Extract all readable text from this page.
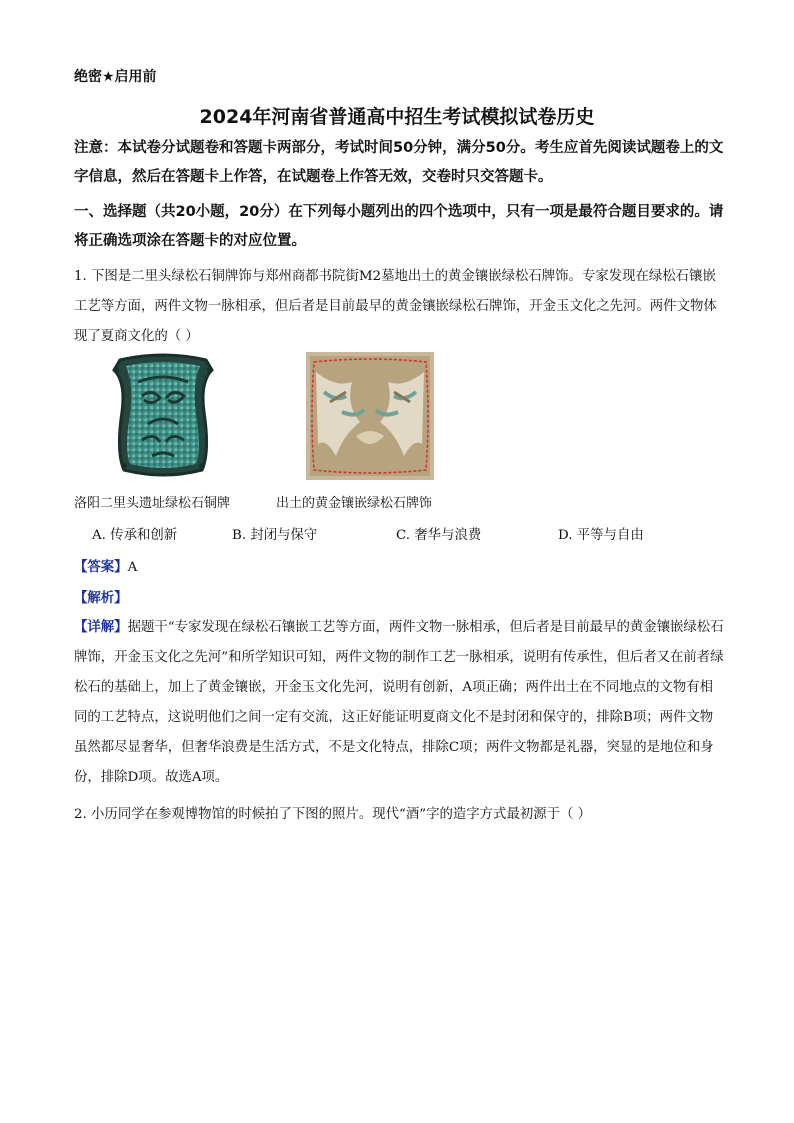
绝密★启用前
2024年河南省普通高中招生考试模拟试卷历史
注意：本试卷分试题卷和答题卡两部分，考试时间50分钟，满分50分。考生应首先阅读试题卷上的文字信息，然后在答题卡上作答，在试题卷上作答无效，交卷时只交答题卡。
一、选择题（共20小题，20分）在下列每小题列出的四个选项中，只有一项是最符合题目要求的。请将正确选项涂在答题卡的对应位置。
1. 下图是二里头绿松石铜牌饰与郑州商都书院街M2墓地出土的黄金镶嵌绿松石牌饰。专家发现在绿松石镶嵌工艺等方面，两件文物一脉相承，但后者是目前最早的黄金镶嵌绿松石牌饰，开金玉文化之先河。两件文物体现了夏商文化的（ ）
洛阳二里头遗址绿松石铜牌	出土的黄金镶嵌绿松石牌饰
A. 传承和创新	B. 封闭与保守	C. 奢华与浪费	D. 平等与自由
【答案】A
【解析】
【详解】据题干“专家发现在绿松石镶嵌工艺等方面，两件文物一脉相承，但后者是目前最早的黄金镶嵌绿松石牌饰，开金玉文化之先河”和所学知识可知，两件文物的制作工艺一脉相承，说明有传承性，但后者又在前者绿松石的基础上，加上了黄金镶嵌，开金玉文化先河，说明有创新，A项正确；两件出土在不同地点的文物有相同的工艺特点，这说明他们之间一定有交流，这正好能证明夏商文化不是封闭和保守的，排除B项；两件文物虽然都尽显奢华，但奢华浪费是生活方式，不是文化特点，排除C项；两件文物都是礼器，突显的是地位和身份，排除D项。故选A项。
2. 小历同学在参观博物馆的时候拍了下图的照片。现代“酒”字的造字方式最初源于（ ）
